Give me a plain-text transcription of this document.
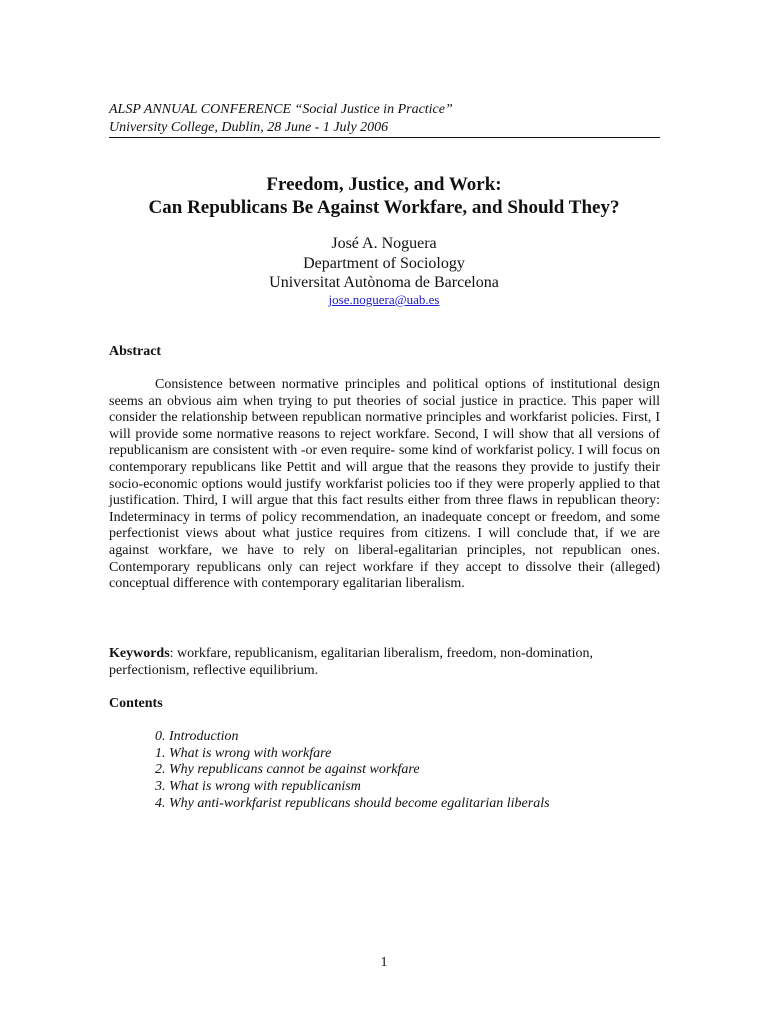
ALSP ANNUAL CONFERENCE “Social Justice in Practice”
University College, Dublin, 28 June - 1 July 2006
Freedom, Justice, and Work:
Can Republicans Be Against Workfare, and Should They?
José A. Noguera
Department of Sociology
Universitat Autònoma de Barcelona
jose.noguera@uab.es
Abstract

Consistence between normative principles and political options of institutional design seems an obvious aim when trying to put theories of social justice in practice. This paper will consider the relationship between republican normative principles and workfarist policies. First, I will provide some normative reasons to reject workfare. Second, I will show that all versions of republicanism are consistent with -or even require- some kind of workfarist policy. I will focus on contemporary republicans like Pettit and will argue that the reasons they provide to justify their socio-economic options would justify workfarist policies too if they were properly applied to that justification. Third, I will argue that this fact results either from three flaws in republican theory: Indeterminacy in terms of policy recommendation, an inadequate concept or freedom, and some perfectionist views about what justice requires from citizens. I will conclude that, if we are against workfare, we have to rely on liberal-egalitarian principles, not republican ones. Contemporary republicans only can reject workfare if they accept to dissolve their (alleged) conceptual difference with contemporary egalitarian liberalism.

Keywords: workfare, republicanism, egalitarian liberalism, freedom, non-domination, perfectionism, reflective equilibrium.

Contents
0. Introduction
1. What is wrong with workfare
2. Why republicans cannot be against workfare
3. What is wrong with republicanism
4. Why anti-workfarist republicans should become egalitarian liberals
1
